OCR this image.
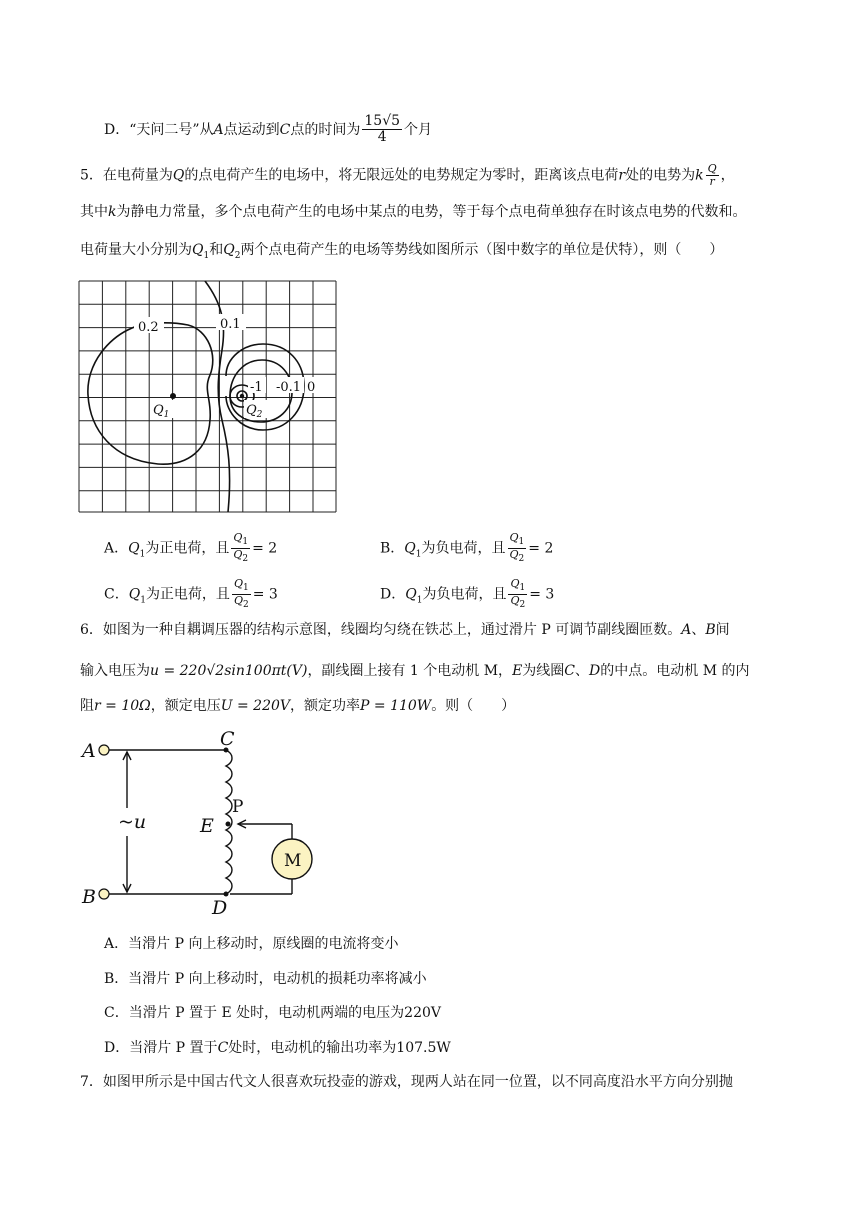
D．“天问二号”从A点运动到C点的时间为 $\frac{15√5}{4}$ 个月
5．在电荷量为Q的点电荷产生的电场中，将无限远处的电势规定为零时，距离该点电荷r处的电势为k $\frac{Q}{r}$ ，
其中k为静电力常量，多个点电荷产生的电场中某点的电势，等于每个点电荷单独存在时该点电势的代数和。
电荷量大小分别为$Q_1$和$Q_2$两个点电荷产生的电场等势线如图所示（图中数字的单位是伏特），则（　　）
0.2	0.1
-1 -0.1 0
$Q_1$	$Q_2$
A．$Q_1$为正电荷，且 $\frac{Q_1}{Q_2} = 2$	B．$Q_1$为负电荷，且 $\frac{Q_1}{Q_2} = 2$
C．$Q_1$为正电荷，且 $\frac{Q_1}{Q_2} = 3$	D．$Q_1$为负电荷，且 $\frac{Q_1}{Q_2} = 3$
6．如图为一种自耦调压器的结构示意图，线圈均匀绕在铁芯上，通过滑片 P 可调节副线圈匝数。A、B间
输入电压为u = 220√2sin100πt(V)，副线圈上接有 1 个电动机 M，E为线圈C、D的中点。电动机 M 的内
阻r = 10Ω，额定电压U = 220V，额定功率P = 110W。则（　　）
A
B
C
D
E
~u
P
M
A．当滑片 P 向上移动时，原线圈的电流将变小
B．当滑片 P 向上移动时，电动机的损耗功率将减小
C．当滑片 P 置于 E 处时，电动机两端的电压为220V
D．当滑片 P 置于C处时，电动机的输出功率为107.5W
7．如图甲所示是中国古代文人很喜欢玩投壶的游戏，现两人站在同一位置，以不同高度沿水平方向分别抛
